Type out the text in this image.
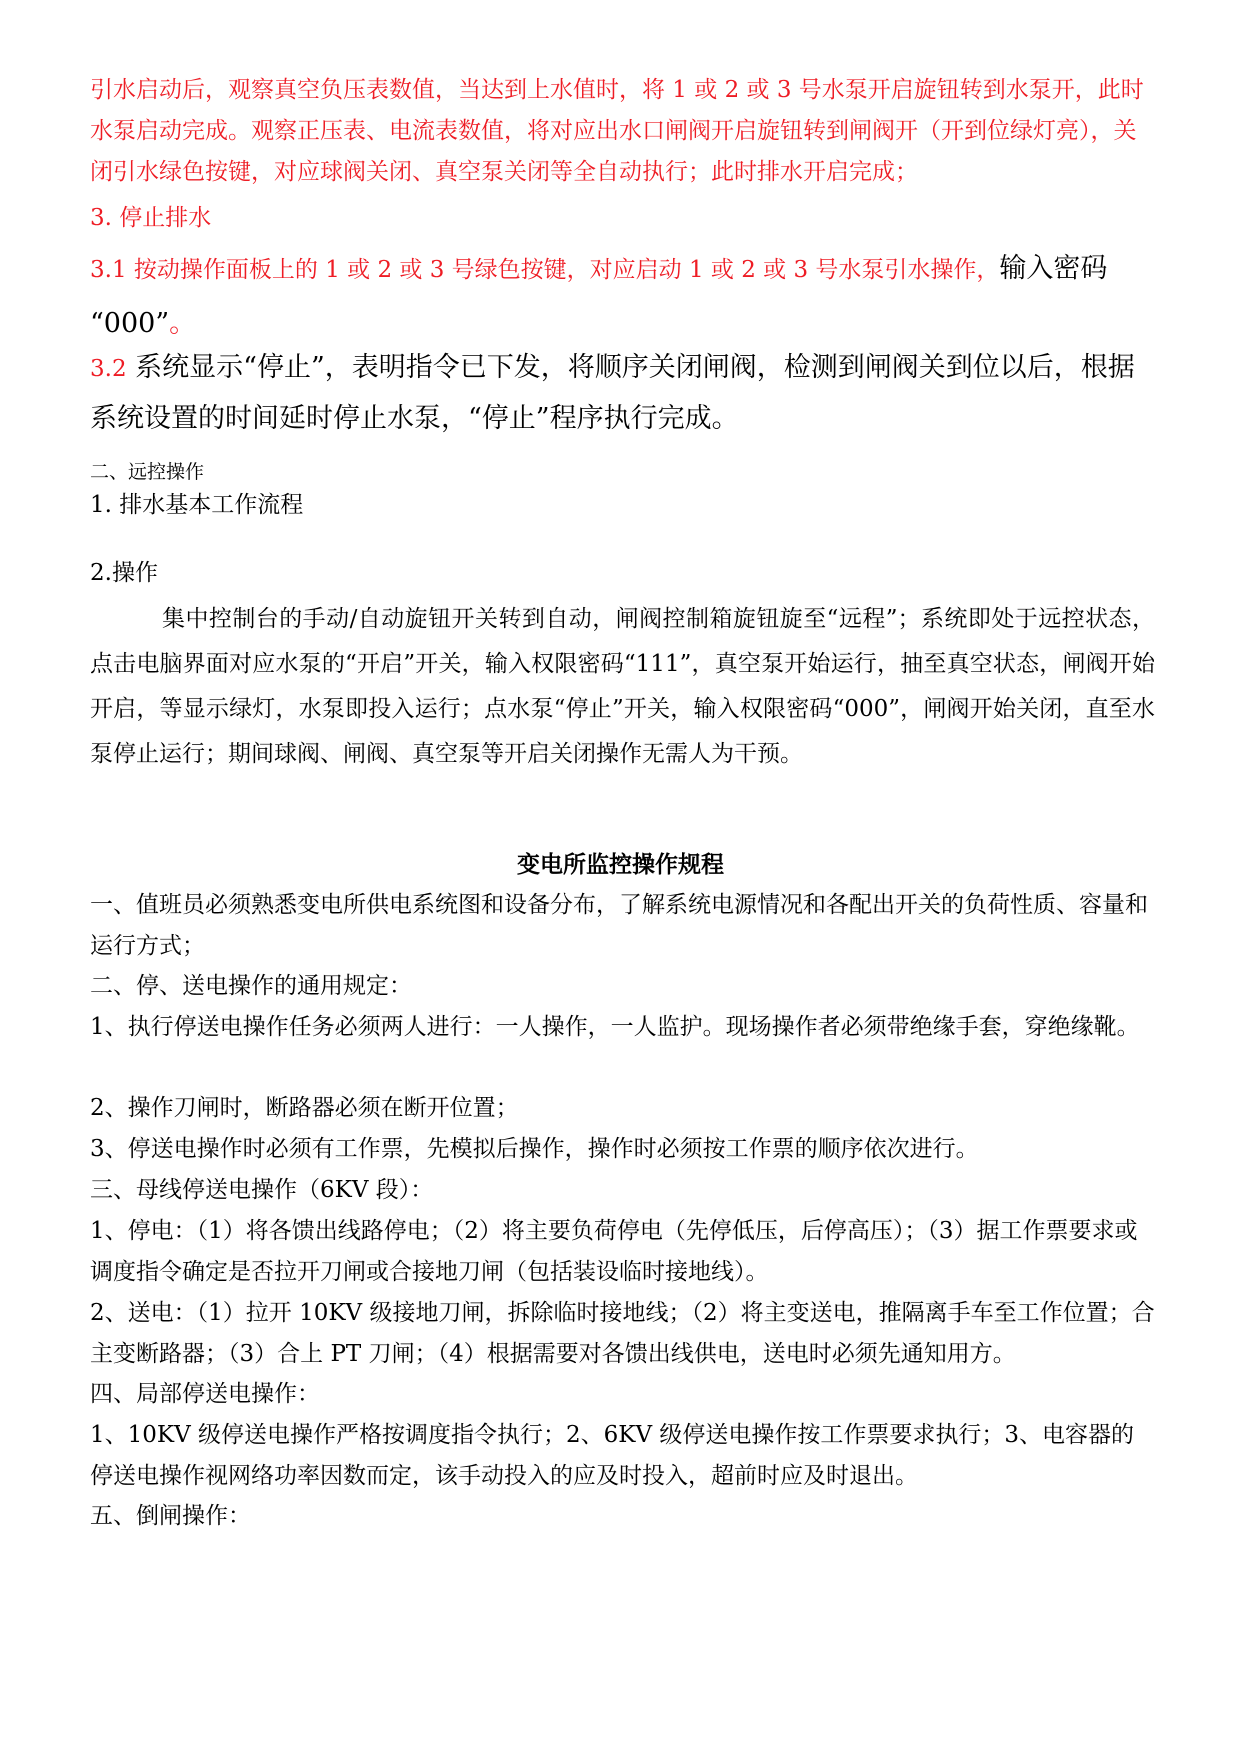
引水启动后，观察真空负压表数值，当达到上水值时，将 1 或 2 或 3 号水泵开启旋钮转到水泵开，此时水泵启动完成。观察正压表、电流表数值，将对应出水口闸阀开启旋钮转到闸阀开（开到位绿灯亮），关闭引水绿色按键，对应球阀关闭、真空泵关闭等全自动执行；此时排水开启完成；
3. 停止排水
3.1 按动操作面板上的 1 或 2 或 3 号绿色按键，对应启动 1 或 2 或 3 号水泵引水操作，输入密码
“000”。
3.2 系统显示“停止”，表明指令已下发，将顺序关闭闸阀，检测到闸阀关到位以后，根据系统设置的时间延时停止水泵，“停止”程序执行完成。
二、远控操作
1. 排水基本工作流程
2.操作
集中控制台的手动/自动旋钮开关转到自动，闸阀控制箱旋钮旋至“远程”；系统即处于远控状态，点击电脑界面对应水泵的“开启”开关，输入权限密码“111”，真空泵开始运行，抽至真空状态，闸阀开始开启，等显示绿灯，水泵即投入运行；点水泵“停止”开关，输入权限密码“000”，闸阀开始关闭，直至水泵停止运行；期间球阀、闸阀、真空泵等开启关闭操作无需人为干预。
变电所监控操作规程
一、值班员必须熟悉变电所供电系统图和设备分布，了解系统电源情况和各配出开关的负荷性质、容量和运行方式；
二、停、送电操作的通用规定：
1、执行停送电操作任务必须两人进行：一人操作，一人监护。现场操作者必须带绝缘手套，穿绝缘靴。
2、操作刀闸时，断路器必须在断开位置；
3、停送电操作时必须有工作票，先模拟后操作，操作时必须按工作票的顺序依次进行。
三、母线停送电操作（6KV 段）：
1、停电：（1）将各馈出线路停电；（2）将主要负荷停电（先停低压，后停高压）；（3）据工作票要求或调度指令确定是否拉开刀闸或合接地刀闸（包括装设临时接地线）。
2、送电：（1）拉开 10KV 级接地刀闸，拆除临时接地线；（2）将主变送电，推隔离手车至工作位置；合主变断路器；（3）合上 PT 刀闸；（4）根据需要对各馈出线供电，送电时必须先通知用方。
四、局部停送电操作：
1、10KV 级停送电操作严格按调度指令执行；2、6KV 级停送电操作按工作票要求执行；3、电容器的停送电操作视网络功率因数而定，该手动投入的应及时投入，超前时应及时退出。
五、倒闸操作：
